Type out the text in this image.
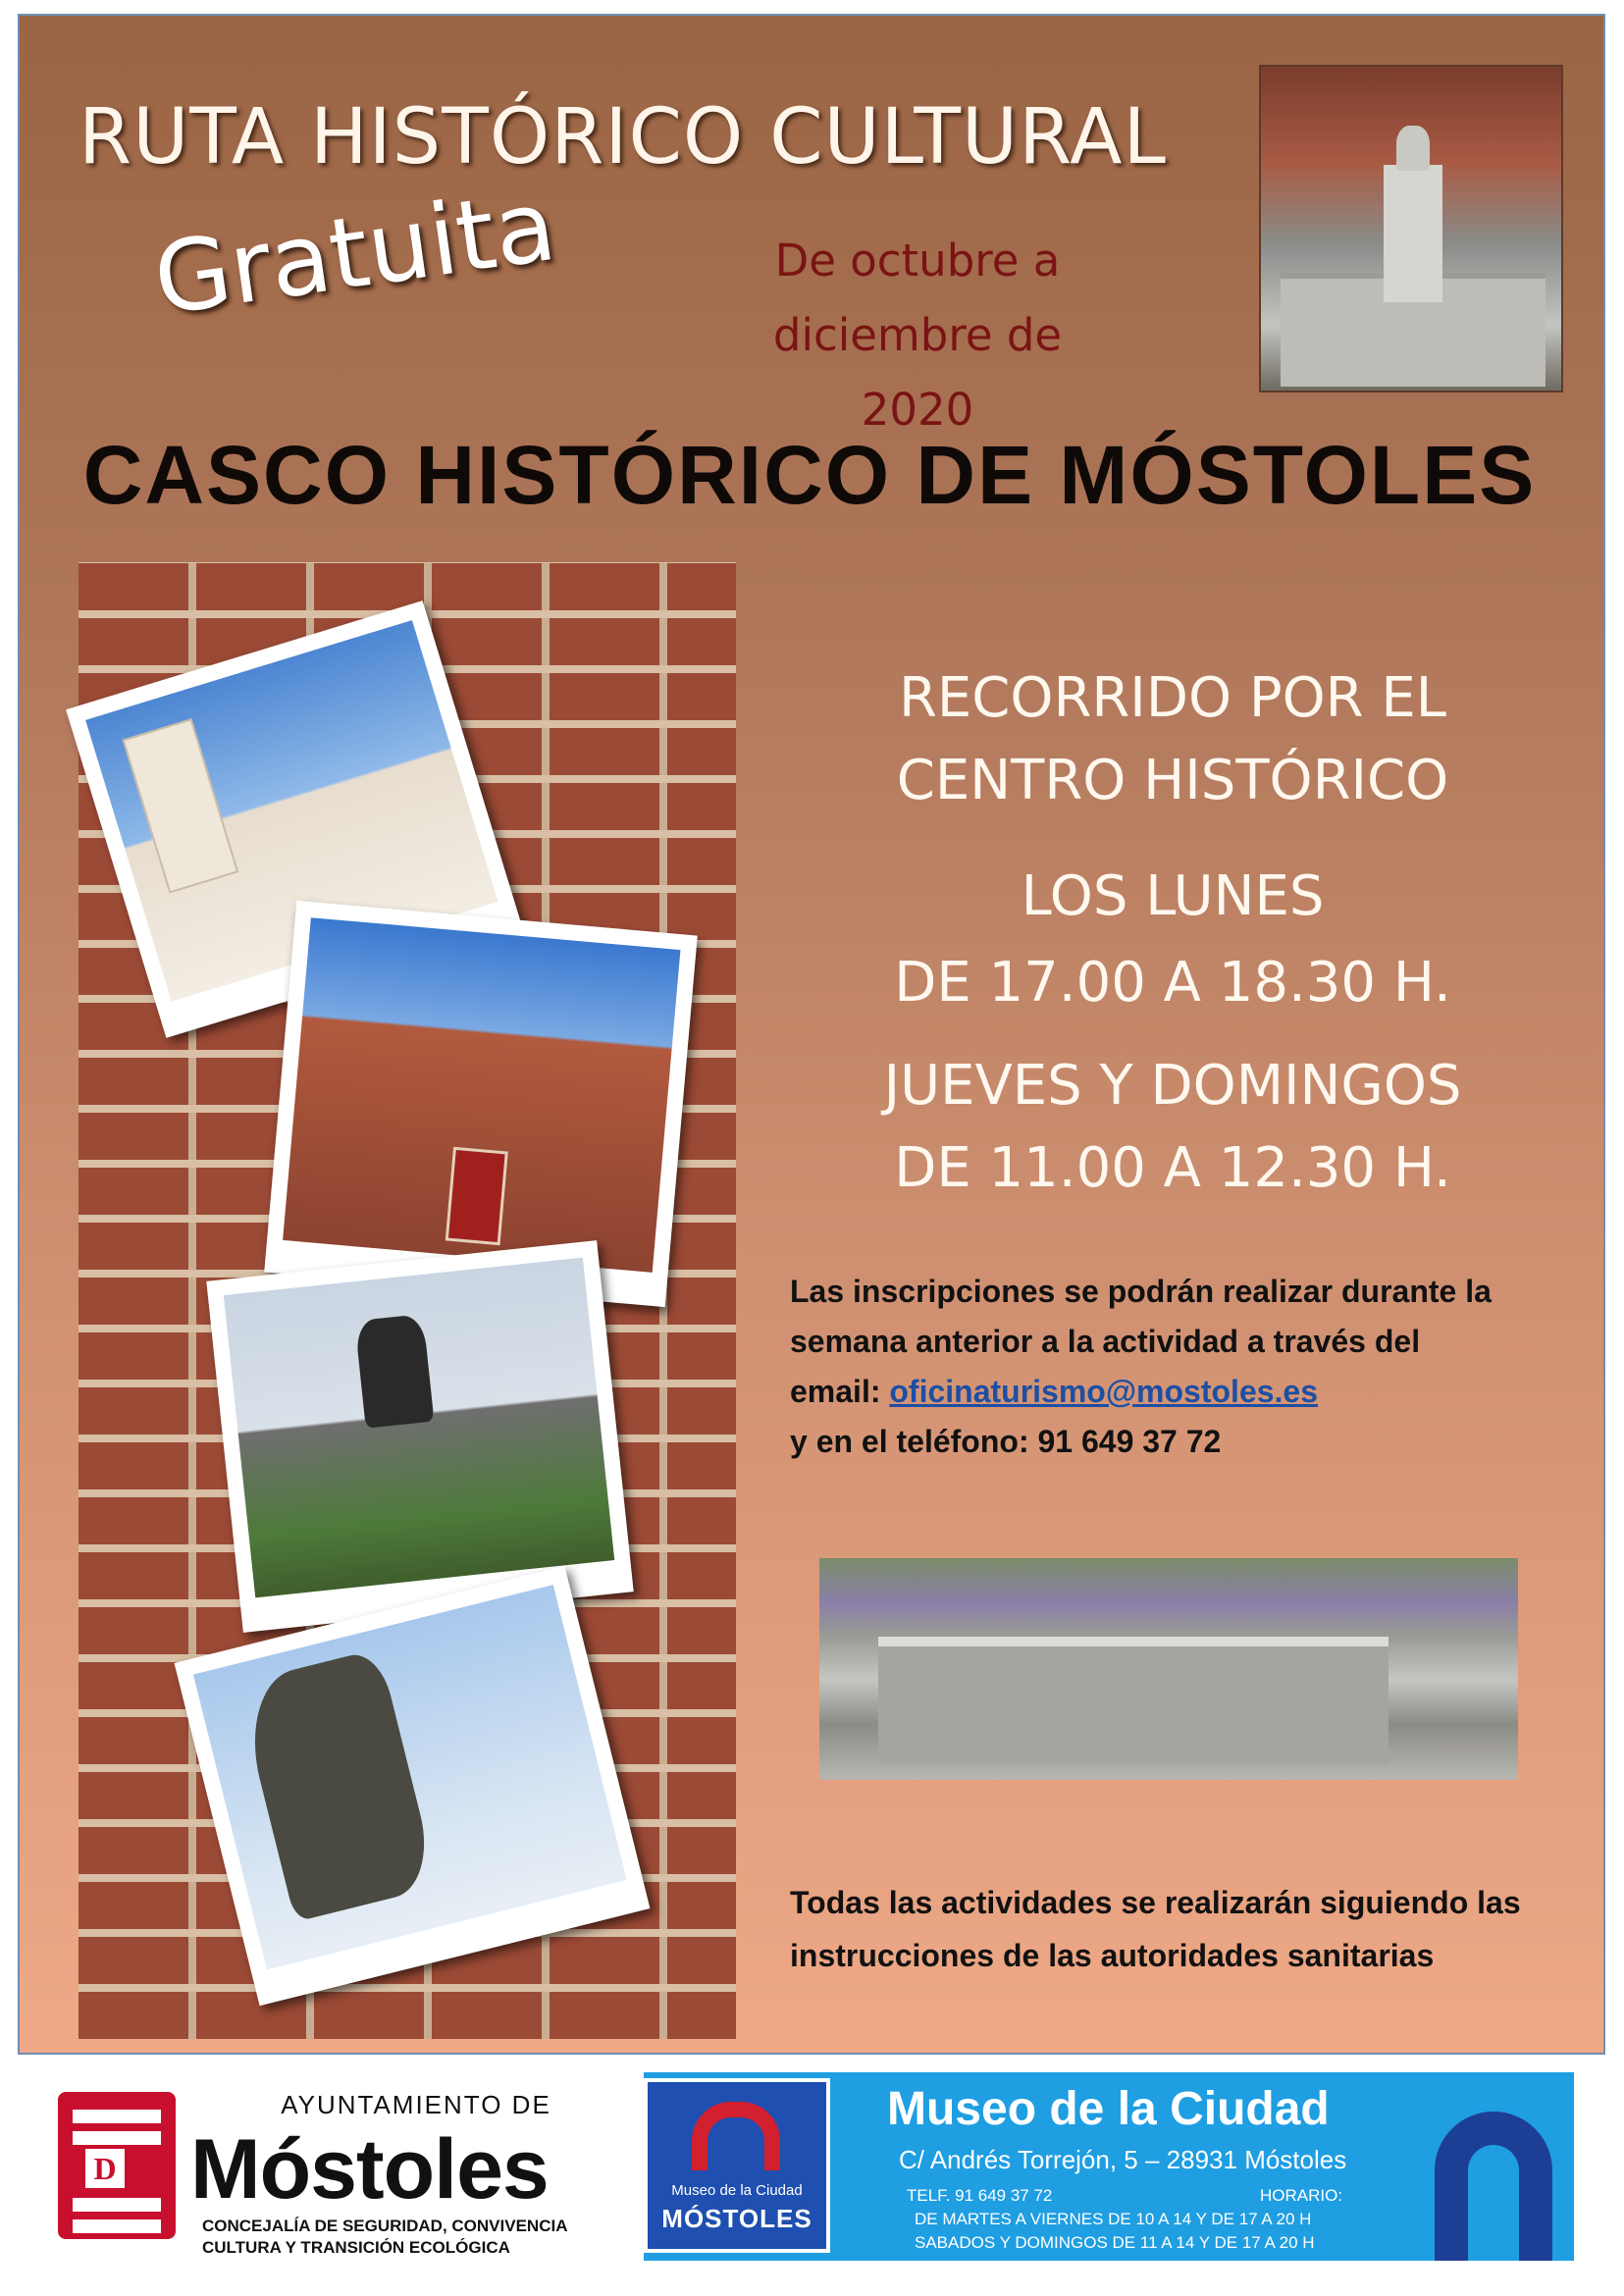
RUTA HISTÓRICO CULTURAL
Gratuita	De octubre a
diciembre de 2020
CASCO HISTÓRICO DE MÓSTOLES
RECORRIDO POR EL
CENTRO HISTÓRICO
LOS LUNES
DE 17.00 A 18.30 H.
JUEVES Y DOMINGOS
DE 11.00 A 12.30 H.
Las inscripciones se podrán realizar durante la
semana anterior a la actividad a través del
email: oficinaturismo@mostoles.es
y en el teléfono: 91 649 37 72
Todas las actividades se realizarán siguiendo las
instrucciones de las autoridades sanitarias
D
AYUNTAMIENTO DE
Móstoles
CONCEJALÍA DE SEGURIDAD, CONVIVENCIA
CULTURA Y TRANSICIÓN ECOLÓGICA
Museo de la Ciudad
MÓSTOLES
Museo de la Ciudad
C/ Andrés Torrejón, 5 – 28931 Móstoles
TELF. 91 649 37 72	HORARIO:
DE MARTES A VIERNES DE 10 A 14 Y DE 17 A 20 H
SABADOS Y DOMINGOS DE 11 A 14 Y DE 17 A 20 H
